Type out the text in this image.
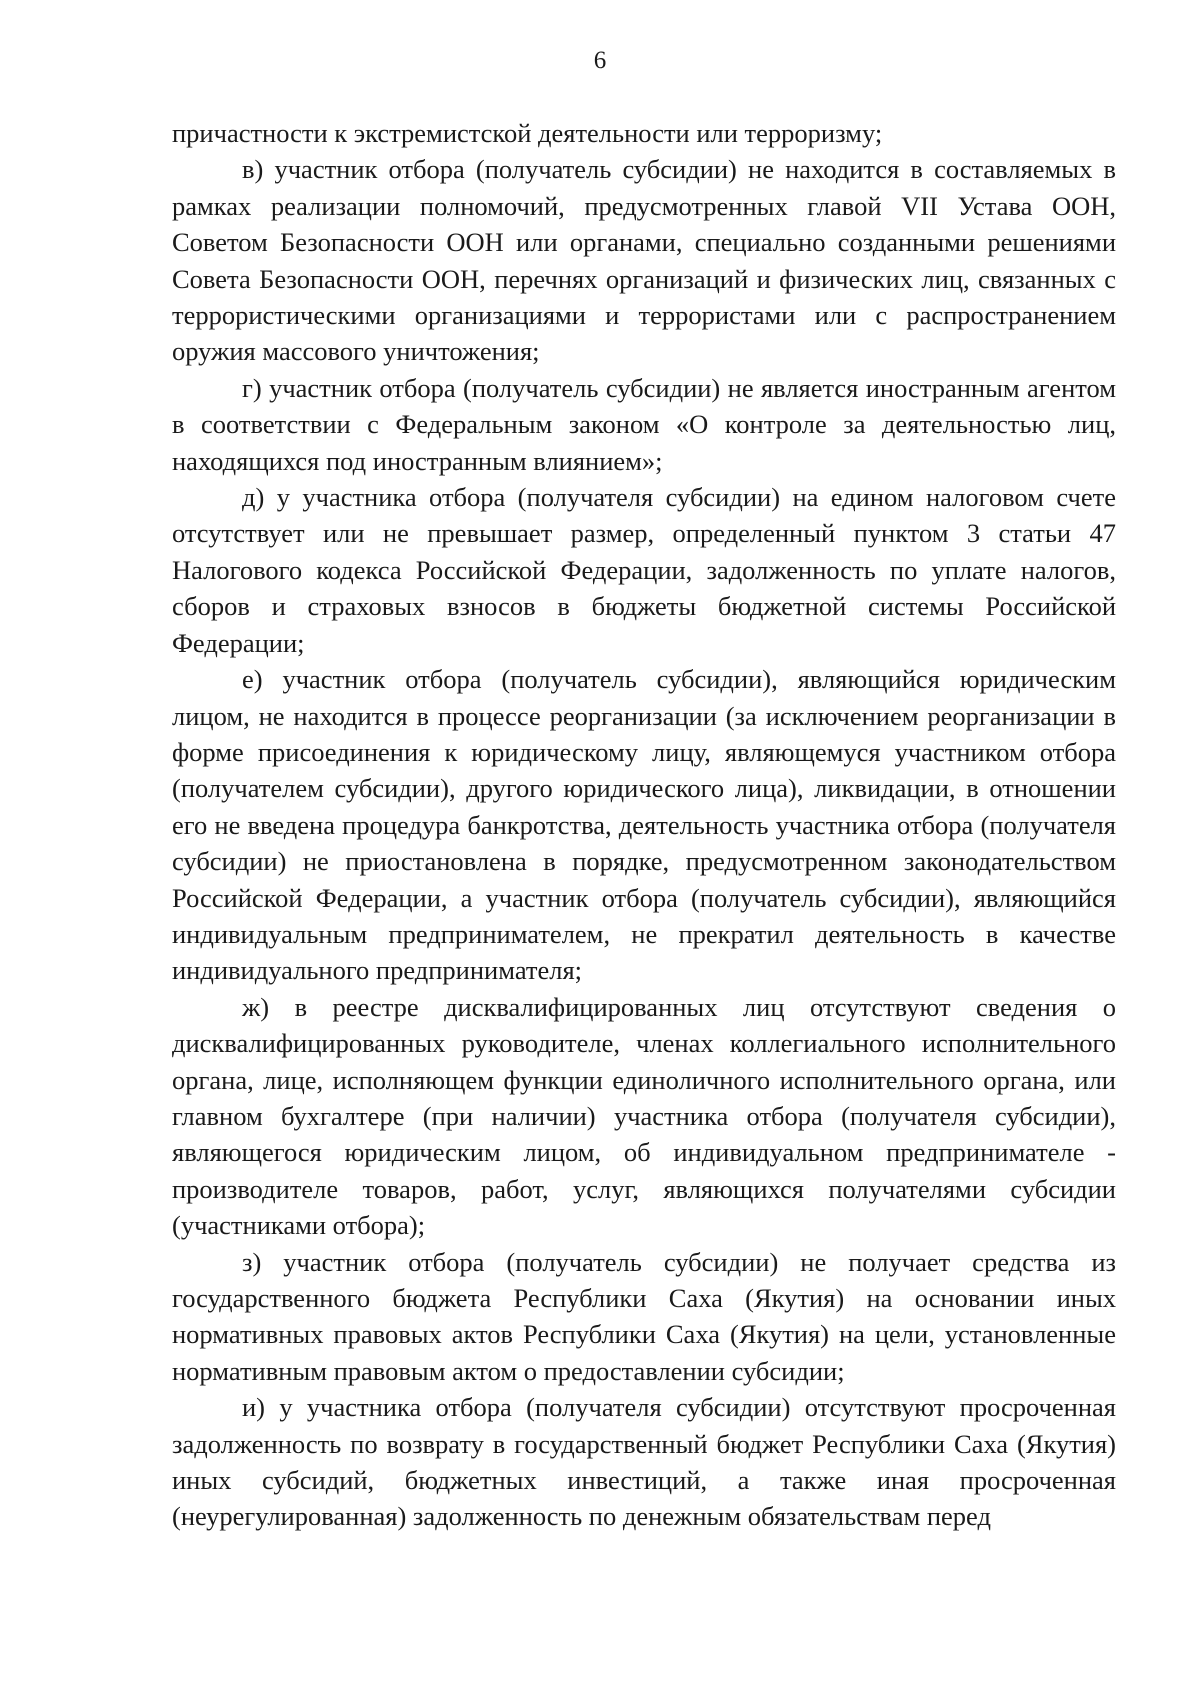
6

причастности к экстремистской деятельности или терроризму;

в) участник отбора (получатель субсидии) не находится в составляемых в рамках реализации полномочий, предусмотренных главой VII Устава ООН, Советом Безопасности ООН или органами, специально созданными решениями Совета Безопасности ООН, перечнях организаций и физических лиц, связанных с террористическими организациями и террористами или с распространением оружия массового уничтожения;

г) участник отбора (получатель субсидии) не является иностранным агентом в соответствии с Федеральным законом «О контроле за деятельностью лиц, находящихся под иностранным влиянием»;

д) у участника отбора (получателя субсидии) на едином налоговом счете отсутствует или не превышает размер, определенный пунктом 3 статьи 47 Налогового кодекса Российской Федерации, задолженность по уплате налогов, сборов и страховых взносов в бюджеты бюджетной системы Российской Федерации;

е) участник отбора (получатель субсидии), являющийся юридическим лицом, не находится в процессе реорганизации (за исключением реорганизации в форме присоединения к юридическому лицу, являющемуся участником отбора (получателем субсидии), другого юридического лица), ликвидации, в отношении его не введена процедура банкротства, деятельность участника отбора (получателя субсидии) не приостановлена в порядке, предусмотренном законодательством Российской Федерации, а участник отбора (получатель субсидии), являющийся индивидуальным предпринимателем, не прекратил деятельность в качестве индивидуального предпринимателя;

ж) в реестре дисквалифицированных лиц отсутствуют сведения о дисквалифицированных руководителе, членах коллегиального исполнительного органа, лице, исполняющем функции единоличного исполнительного органа, или главном бухгалтере (при наличии) участника отбора (получателя субсидии), являющегося юридическим лицом, об индивидуальном предпринимателе - производителе товаров, работ, услуг, являющихся получателями субсидии (участниками отбора);

з) участник отбора (получатель субсидии) не получает средства из государственного бюджета Республики Саха (Якутия) на основании иных нормативных правовых актов Республики Саха (Якутия) на цели, установленные нормативным правовым актом о предоставлении субсидии;

и) у участника отбора (получателя субсидии) отсутствуют просроченная задолженность по возврату в государственный бюджет Республики Саха (Якутия) иных субсидий, бюджетных инвестиций, а также иная просроченная (неурегулированная) задолженность по денежным обязательствам перед
